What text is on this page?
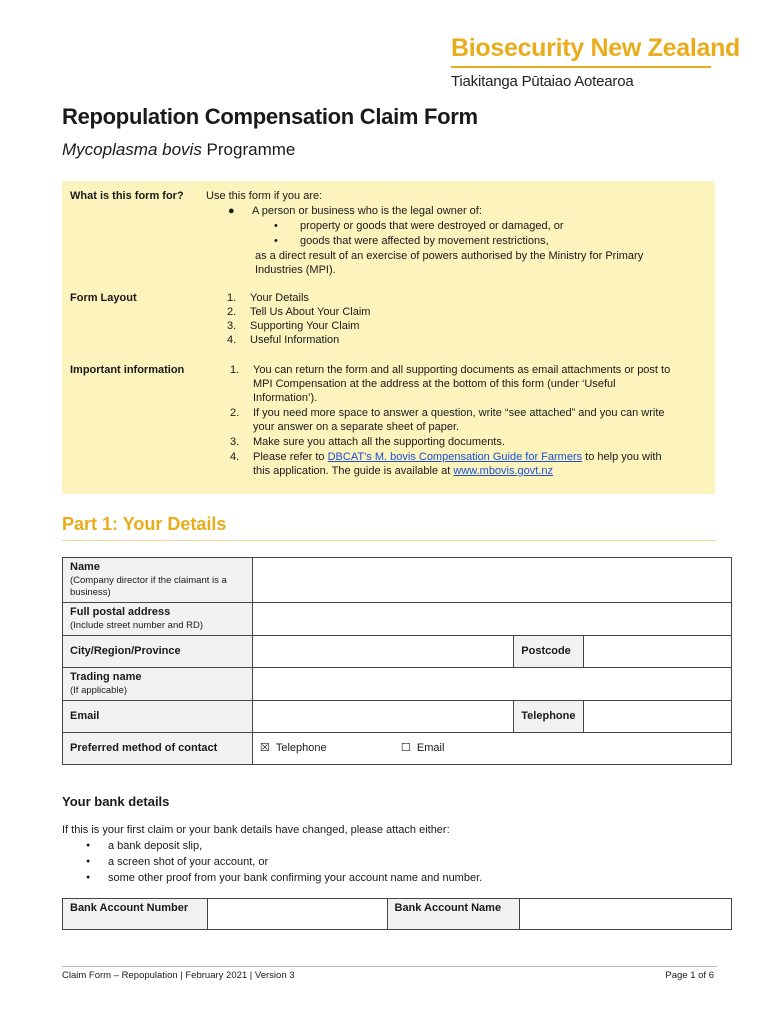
Biosecurity New Zealand
Tiakitanga Pūtaiao Aotearoa
Repopulation Compensation Claim Form
Mycoplasma bovis Programme
What is this form for? Use this form if you are:
● A person or business who is the legal owner of:
• property or goods that were destroyed or damaged, or
• goods that were affected by movement restrictions,
as a direct result of an exercise of powers authorised by the Ministry for Primary
Industries (MPI).
Form Layout	1. Your Details
2. Tell Us About Your Claim
3. Supporting Your Claim
4. Useful Information
Important information	1. You can return the form and all supporting documents as email attachments or post to
MPI Compensation at the address at the bottom of this form (under ‘Useful
Information’).
2. If you need more space to answer a question, write “see attached” and you can write
your answer on a separate sheet of paper.
3. Make sure you attach all the supporting documents.
4. Please refer to DBCAT’s M. bovis Compensation Guide for Farmers to help you with
this application. The guide is available at www.mbovis.govt.nz
Part 1: Your Details
Name
(Company director if the claimant is a business)			

Full postal address
(Include street number and RD)			

City/Region/Province		Postcode	
Trading name
(If applicable)			

Email		Telephone	
Preferred method of contact	☒ Telephone ☐ Email		
Your bank details
If this is your first claim or your bank details have changed, please attach either:
● a bank deposit slip,
● a screen shot of your account, or
● some other proof from your bank confirming your account name and number.
Bank Account Number		Bank Account Name	
Claim Form – Repopulation | February 2021 | Version 3	Page 1 of 6
